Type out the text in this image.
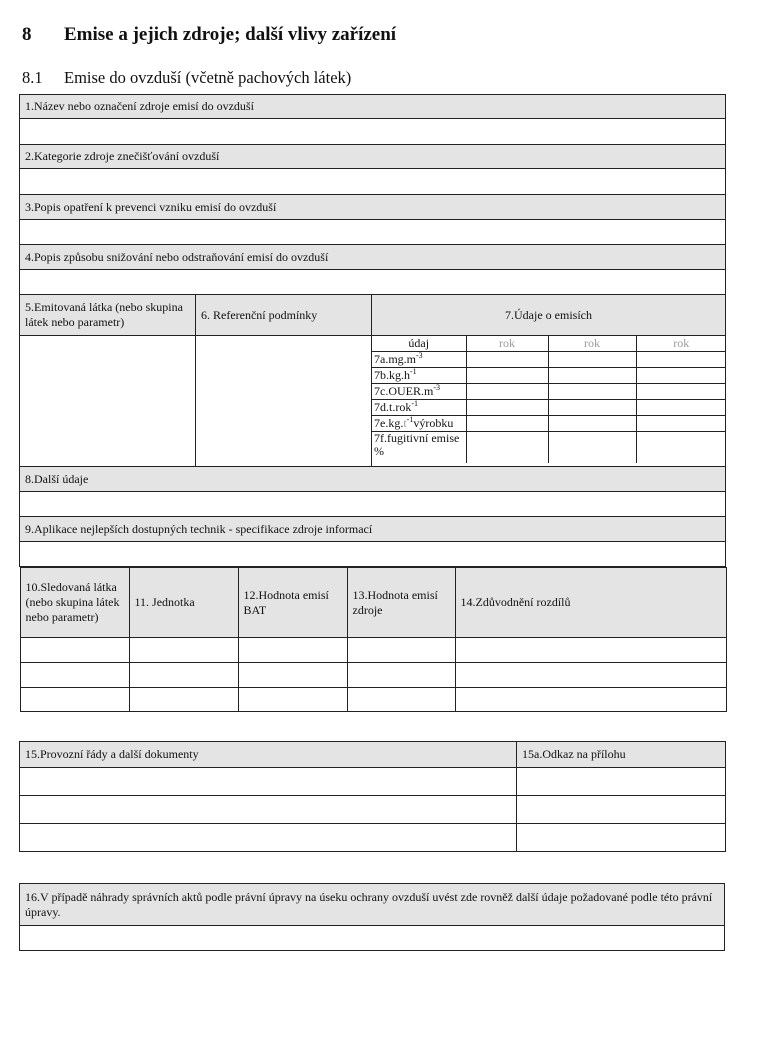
8 Emise a jejich zdroje; další vlivy zařízení
8.1 Emise do ovzduší (včetně pachových látek)
1.Název nebo označení zdroje emisí do ovzduší

2.Kategorie zdroje znečišťování ovzduší

3.Popis opatření k prevenci vzniku emisí do ovzduší

4.Popis způsobu snižování nebo odstraňování emisí do ovzduší

5.Emitovaná látka (nebo skupina látek nebo parametr)	6. Referenční podmínky	7.Údaje o emisích

údaj	rok	rok	rok
$7a.mg.m^{-3}$			
$7b.kg.h^{-1}$			
$7c.OUER.m^{-3}$			
7d.t.rok$^{-1}$			
$7e.kg.t^{-1}výrobku$			
7f.fugitivní emise %			

8.Další údaje

9.Aplikace nejlepších dostupných technik - specifikace zdroje informací

10.Sledovaná látka (nebo skupina látek nebo parametr)	11. Jednotka	12.Hodnota emisí BAT	13.Hodnota emisí zdroje	14.Zdůvodnění rozdílů

15.Provozní řády a další dokumenty	15a.Odkaz na přílohu

16.V případě náhrady správních aktů podle právní úpravy na úseku ochrany ovzduší uvést zde rovněž další údaje požadované podle této právní úpravy.
